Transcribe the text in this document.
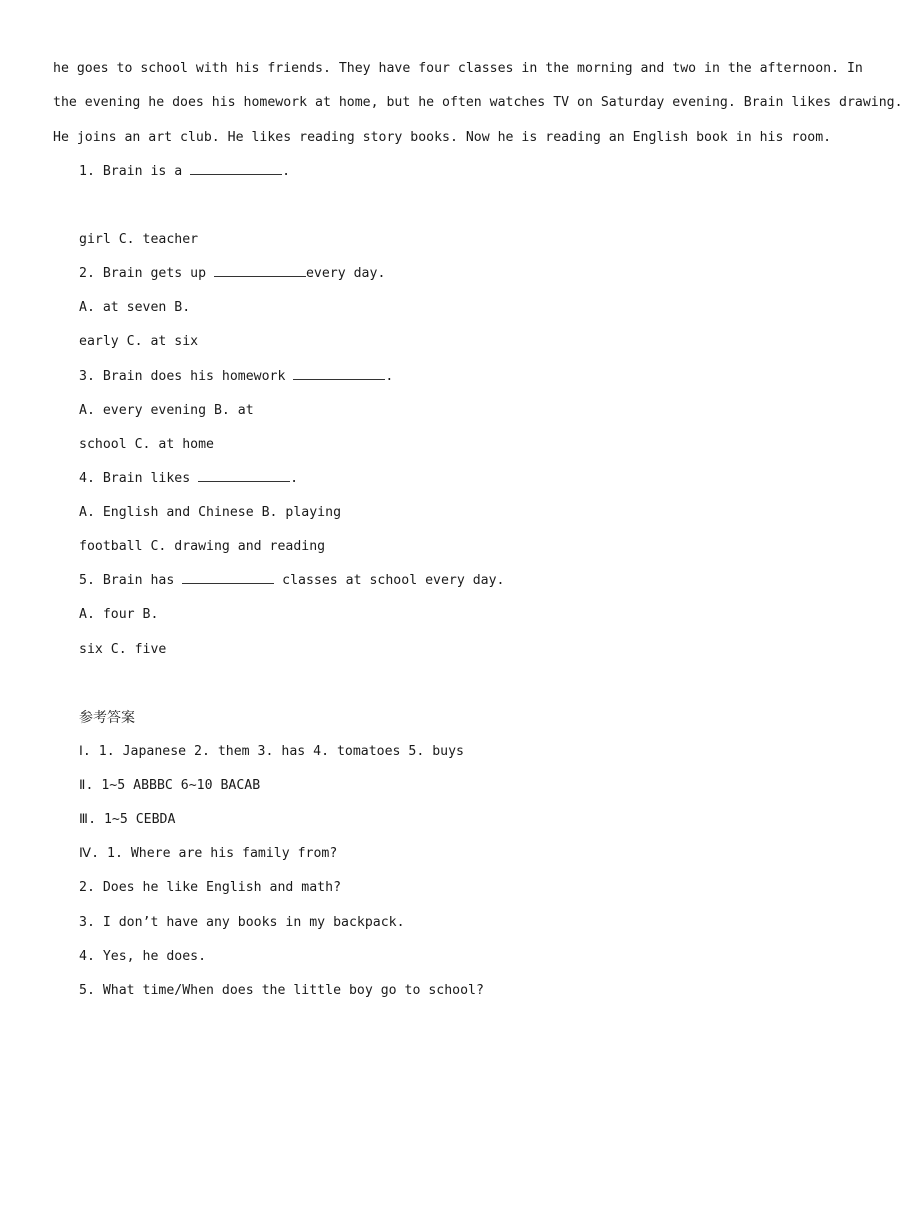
he goes to school with his friends. They have four classes in the morning and two in the afternoon. In
the evening he does his homework at home, but he often watches TV on Saturday evening. Brain likes drawing.
He joins an art club. He likes reading story books. Now he is reading an English book in his room.
1. Brain is a	.
girl C. teacher
2. Brain gets up	every day.
A. at seven B.
early C. at six
3. Brain does his homework	.
A. every evening B. at
school C. at home
4. Brain likes	.
A. English and Chinese B. playing
football C. drawing and reading
5. Brain has	classes at school every day.
A. four B.
six C. five
参考答案
Ⅰ. 1. Japanese 2. them 3. has 4. tomatoes 5. buys
Ⅱ. 1~5 ABBBC 6~10 BACAB
Ⅲ. 1~5 CEBDA
Ⅳ. 1. Where are his family from?
2. Does he like English and math?
3. I don’t have any books in my backpack.
4. Yes, he does.
5. What time/When does the little boy go to school?
